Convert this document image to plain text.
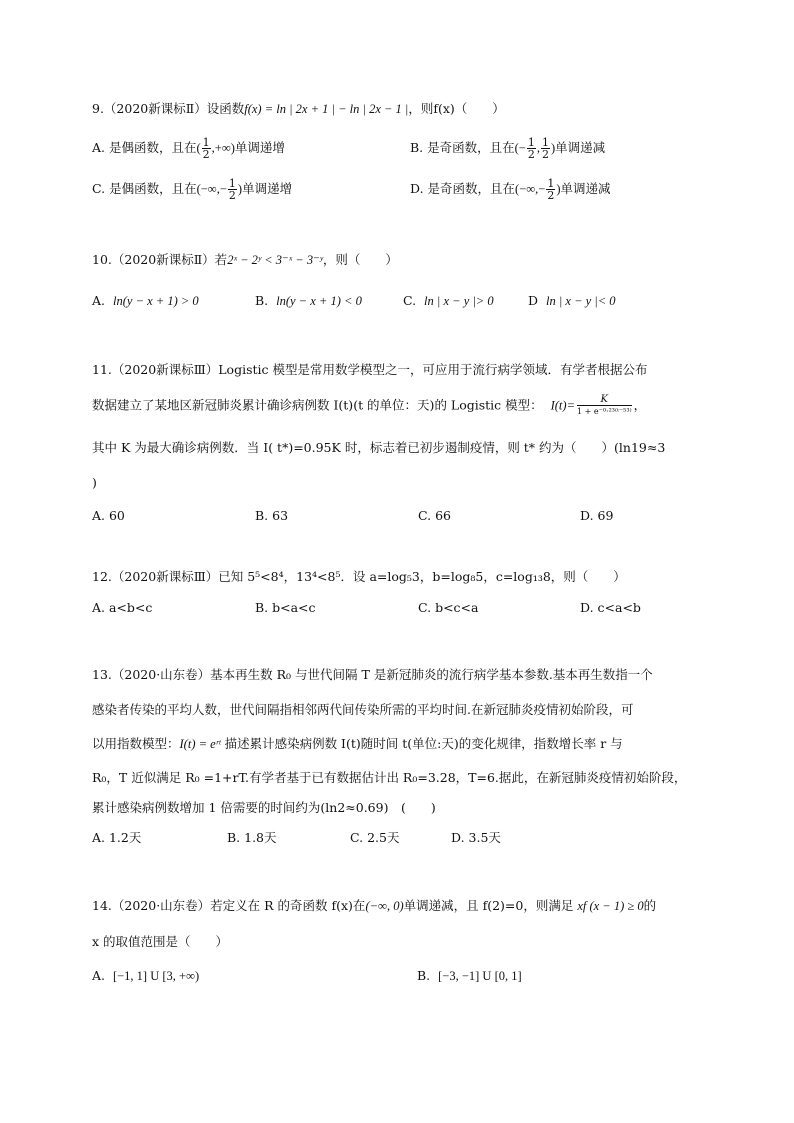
9.（2020新课标Ⅱ）设函数f(x) = ln | 2x + 1 | − ln | 2x − 1 |，则f(x)（　　）
A. 是偶函数，且在( $\frac{1}{2}$ ,+∞)单调递增	B. 是奇函数，且在(− $\frac{1}{2}$ , $\frac{1}{2}$ )单调递减
C. 是偶函数，且在(−∞,− $\frac{1}{2}$ )单调递增	D. 是奇函数，且在(−∞,− $\frac{1}{2}$ )单调递减
10.（2020新课标Ⅱ）若2ˣ − 2ʸ < 3⁻ˣ − 3⁻ʸ，则（　　）
A. ln(y − x + 1) > 0	B. ln(y − x + 1) < 0	C. ln | x − y |> 0	D ln | x − y |< 0
11.（2020新课标Ⅲ）Logistic 模型是常用数学模型之一，可应用于流行病学领域．有学者根据公布
数据建立了某地区新冠肺炎累计确诊病例数 I(t)(t 的单位：天)的 Logistic 模型： $I(t)= \frac{K}{\text{1 + e⁻⁰·²³⁽ᵗ⁻⁵³⁾}}$ ，
其中 K 为最大确诊病例数．当 I( t*)=0.95K 时，标志着已初步遏制疫情，则 t* 约为（　　）(ln19≈3
)
A. 60	B. 63	C. 66	D. 69
12.（2020新课标Ⅲ）已知 5⁵<8⁴，13⁴<8⁵．设 a=log₅3，b=log₈5，c=log₁₃8，则（　　）
A. a<b<c	B. b<a<c	C. b<c<a	D. c<a<b
13.（2020·山东卷）基本再生数 R₀ 与世代间隔 T 是新冠肺炎的流行病学基本参数.基本再生数指一个
感染者传染的平均人数，世代间隔指相邻两代间传染所需的平均时间.在新冠肺炎疫情初始阶段，可
以用指数模型：I(t) = eʳᵗ 描述累计感染病例数 I(t)随时间 t(单位:天)的变化规律，指数增长率 r 与
R₀，T 近似满足 R₀ =1+rT.有学者基于已有数据估计出 R₀=3.28，T=6.据此，在新冠肺炎疫情初始阶段，
累计感染病例数增加 1 倍需要的时间约为(ln2≈0.69)　(　　)
A. 1.2天	B. 1.8天	C. 2.5天	D. 3.5天
14.（2020·山东卷）若定义在 R 的奇函数 f(x)在(−∞, 0)单调递减，且 f(2)=0，则满足 xf (x − 1) ≥ 0的
x 的取值范围是（　　）
A. [−1, 1] U [3, +∞)	B. [−3, −1] U [0, 1]
